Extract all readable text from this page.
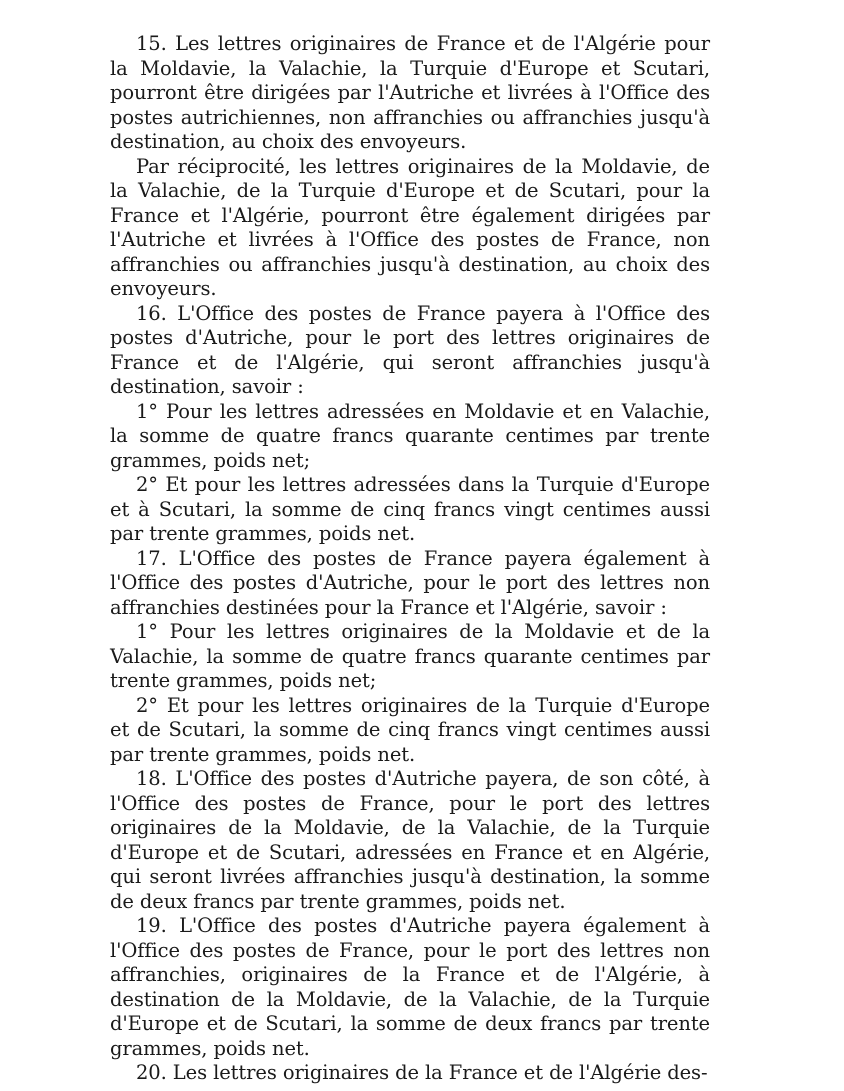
15. Les lettres originaires de France et de l'Algérie pour la Moldavie, la Valachie, la Turquie d'Europe et Scutari, pourront être dirigées par l'Autriche et livrées à l'Office des postes autrichiennes, non affranchies ou affranchies jusqu'à destination, au choix des envoyeurs.

Par réciprocité, les lettres originaires de la Moldavie, de la Valachie, de la Turquie d'Europe et de Scutari, pour la France et l'Algérie, pourront être également dirigées par l'Autriche et livrées à l'Office des postes de France, non affranchies ou affranchies jusqu'à destination, au choix des envoyeurs.

16. L'Office des postes de France payera à l'Office des postes d'Autriche, pour le port des lettres originaires de France et de l'Algérie, qui seront affranchies jusqu'à destination, savoir :

1° Pour les lettres adressées en Moldavie et en Valachie, la somme de quatre francs quarante centimes par trente grammes, poids net;

2° Et pour les lettres adressées dans la Turquie d'Europe et à Scutari, la somme de cinq francs vingt centimes aussi par trente grammes, poids net.

17. L'Office des postes de France payera également à l'Office des postes d'Autriche, pour le port des lettres non affranchies destinées pour la France et l'Algérie, savoir :

1° Pour les lettres originaires de la Moldavie et de la Valachie, la somme de quatre francs quarante centimes par trente grammes, poids net;

2° Et pour les lettres originaires de la Turquie d'Europe et de Scutari, la somme de cinq francs vingt centimes aussi par trente grammes, poids net.

18. L'Office des postes d'Autriche payera, de son côté, à l'Office des postes de France, pour le port des lettres originaires de la Moldavie, de la Valachie, de la Turquie d'Europe et de Scutari, adressées en France et en Algérie, qui seront livrées affranchies jusqu'à destination, la somme de deux francs par trente grammes, poids net.

19. L'Office des postes d'Autriche payera également à l'Office des postes de France, pour le port des lettres non affranchies, originaires de la France et de l'Algérie, à destination de la Moldavie, de la Valachie, de la Turquie d'Europe et de Scutari, la somme de deux francs par trente grammes, poids net.

20. Les lettres originaires de la France et de l'Algérie des-
